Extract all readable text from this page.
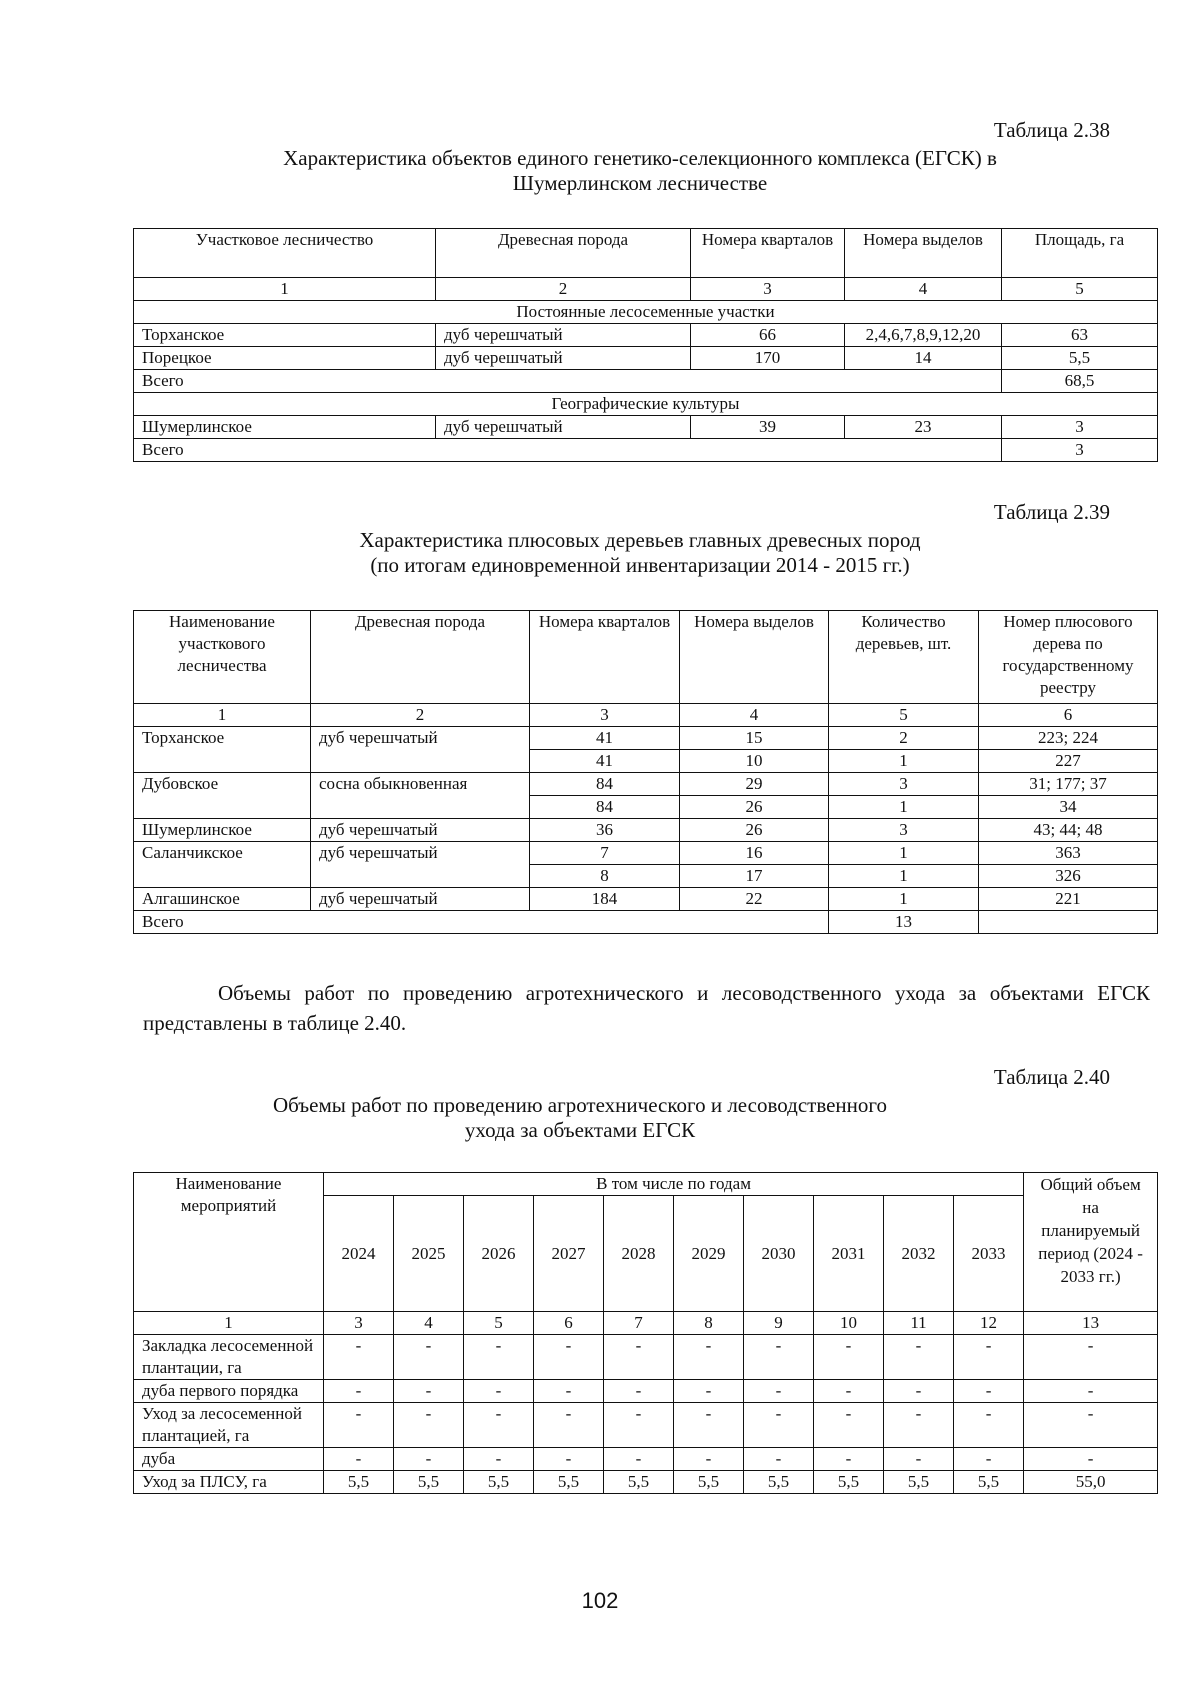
Таблица 2.38
Характеристика объектов единого генетико-селекционного комплекса (ЕГСК) в
Шумерлинском лесничестве
Участковое лесничество	Древесная порода	Номера кварталов	Номера выделов	Площадь, га
1	2	3	4	5
Постоянные лесосеменные участки				
Торханское	дуб черешчатый	66	2,4,6,7,8,9,12,20	63
Порецкое	дуб черешчатый	170	14	5,5
Всего				68,5
Географические культуры				
Шумерлинское	дуб черешчатый	39	23	3
Всего				3
Таблица 2.39
Характеристика плюсовых деревьев главных древесных пород
(по итогам единовременной инвентаризации 2014 - 2015 гг.)
Наименование участкового лесничества	Древесная порода	Номера кварталов	Номера выделов	Количество деревьев, шт.	Номер плюсового дерева по государственному реестру
1	2	3	4	5	6
Торханское	дуб черешчатый	41	15	2	223; 224
		41	10	1	227
Дубовское	сосна обыкновенная	84	29	3	31; 177; 37
		84	26	1	34
Шумерлинское	дуб черешчатый	36	26	3	43; 44; 48
Саланчикское	дуб черешчатый	7	16	1	363
		8	17	1	326
Алгашинское	дуб черешчатый	184	22	1	221
Всего				13	
Объемы работ по проведению агротехнического и лесоводственного ухода за объектами ЕГСК представлены в таблице 2.40.
Таблица 2.40
Объемы работ по проведению агротехнического и лесоводственного
ухода за объектами ЕГСК
Наименование мероприятий	В том числе по годам										Общий объем на планируемый период (2024 - 2033 гг.)
	2024	2025	2026	2027	2028	2029	2030	2031	2032	2033	
1	3	4	5	6	7	8	9	10	11	12	13
Закладка лесосеменной плантации, га	-	-	-	-	-	-	-	-	-	-	-
дуба первого порядка	-	-	-	-	-	-	-	-	-	-	-
Уход за лесосеменной плантацией, га	-	-	-	-	-	-	-	-	-	-	-
дуба	-	-	-	-	-	-	-	-	-	-	-
Уход за ПЛСУ, га	5,5	5,5	5,5	5,5	5,5	5,5	5,5	5,5	5,5	5,5	55,0
102
